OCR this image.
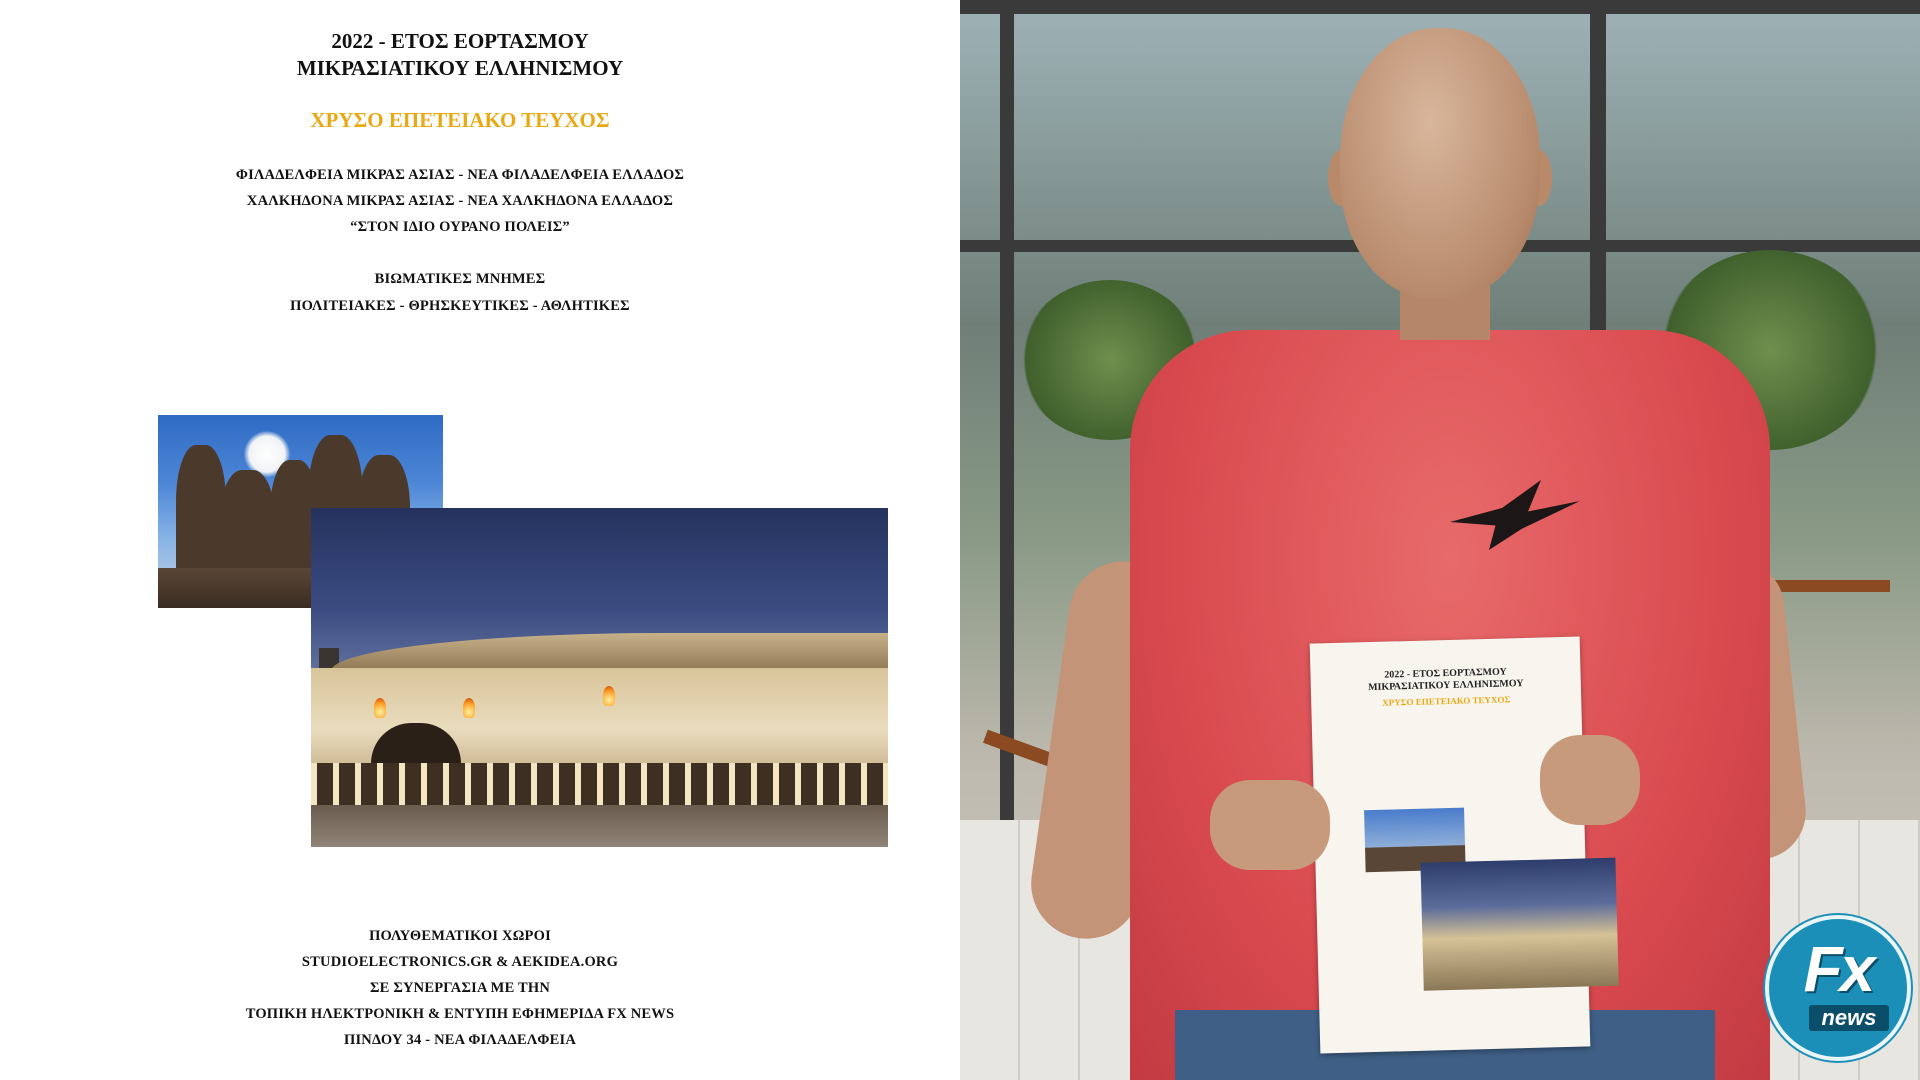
2022 - ΕΤΟΣ ΕΟΡΤΑΣΜΟΥ
ΜΙΚΡΑΣΙΑΤΙΚΟΥ ΕΛΛΗΝΙΣΜΟΥ
ΧΡΥΣΟ ΕΠΕΤΕΙΑΚΟ ΤΕΥΧΟΣ
ΦΙΛΑΔΕΛΦΕΙΑ ΜΙΚΡΑΣ ΑΣΙΑΣ - ΝΕΑ ΦΙΛΑΔΕΛΦΕΙΑ ΕΛΛΑΔΟΣ
ΧΑΛΚΗΔΟΝΑ ΜΙΚΡΑΣ ΑΣΙΑΣ - ΝΕΑ ΧΑΛΚΗΔΟΝΑ ΕΛΛΑΔΟΣ
“ΣΤΟΝ ΙΔΙΟ ΟΥΡΑΝΟ ΠΟΛΕΙΣ”
ΒΙΩΜΑΤΙΚΕΣ ΜΝΗΜΕΣ
ΠΟΛΙΤΕΙΑΚΕΣ - ΘΡΗΣΚΕΥΤΙΚΕΣ - ΑΘΛΗΤΙΚΕΣ
ΠΟΛΥΘΕΜΑΤΙΚΟΙ ΧΩΡΟΙ
STUDIOELECTRONICS.GR & AEKIDEA.ORG
ΣΕ ΣΥΝΕΡΓΑΣΙΑ ΜΕ ΤΗΝ
ΤΟΠΙΚΗ ΗΛΕΚΤΡΟΝΙΚΗ & ΕΝΤΥΠΗ ΕΦΗΜΕΡΙΔΑ FX NEWS
ΠΙΝΔΟΥ 34 - ΝΕΑ ΦΙΛΑΔΕΛΦΕΙΑ
2022 - ΕΤΟΣ ΕΟΡΤΑΣΜΟΥ
ΜΙΚΡΑΣΙΑΤΙΚΟΥ ΕΛΛΗΝΙΣΜΟΥ
ΧΡΥΣΟ ΕΠΕΤΕΙΑΚΟ ΤΕΥΧΟΣ
Fx
news
